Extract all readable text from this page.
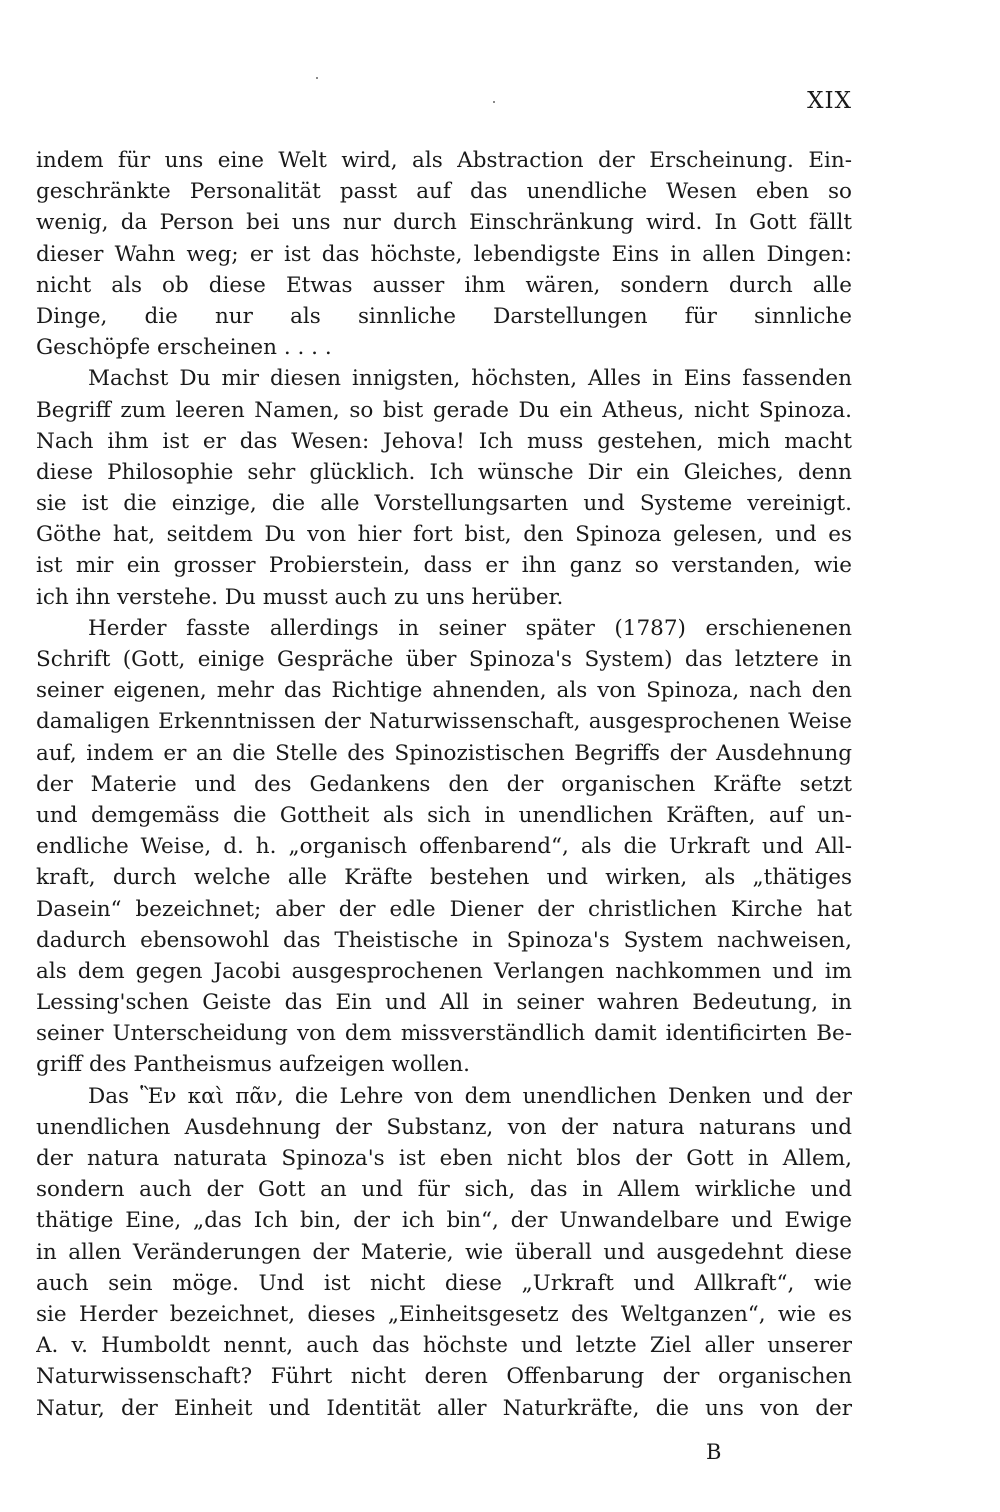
XIX
indem für uns eine Welt wird, als Abstraction der Erscheinung. Ein-
geschränkte Personalität passt auf das unendliche Wesen eben so
wenig, da Person bei uns nur durch Einschränkung wird. In Gott fällt
dieser Wahn weg; er ist das höchste, lebendigste Eins in allen Dingen:
nicht als ob diese Etwas ausser ihm wären, sondern durch alle
Dinge, die nur als sinnliche Darstellungen für sinnliche
Geschöpfe erscheinen . . . .
Machst Du mir diesen innigsten, höchsten, Alles in Eins fassenden
Begriff zum leeren Namen, so bist gerade Du ein Atheus, nicht Spinoza.
Nach ihm ist er das Wesen: Jehova! Ich muss gestehen, mich macht
diese Philosophie sehr glücklich. Ich wünsche Dir ein Gleiches, denn
sie ist die einzige, die alle Vorstellungsarten und Systeme vereinigt.
Göthe hat, seitdem Du von hier fort bist, den Spinoza gelesen, und es
ist mir ein grosser Probierstein, dass er ihn ganz so verstanden, wie
ich ihn verstehe. Du musst auch zu uns herüber.
Herder fasste allerdings in seiner später (1787) erschienenen
Schrift (Gott, einige Gespräche über Spinoza's System) das letztere in
seiner eigenen, mehr das Richtige ahnenden, als von Spinoza, nach den
damaligen Erkenntnissen der Naturwissenschaft, ausgesprochenen Weise
auf, indem er an die Stelle des Spinozistischen Begriffs der Ausdehnung
der Materie und des Gedankens den der organischen Kräfte setzt
und demgemäss die Gottheit als sich in unendlichen Kräften, auf un-
endliche Weise, d. h. „organisch offenbarend“, als die Urkraft und All-
kraft, durch welche alle Kräfte bestehen und wirken, als „thätiges
Dasein“ bezeichnet; aber der edle Diener der christlichen Kirche hat
dadurch ebensowohl das Theistische in Spinoza's System nachweisen,
als dem gegen Jacobi ausgesprochenen Verlangen nachkommen und im
Lessing'schen Geiste das Ein und All in seiner wahren Bedeutung, in
seiner Unterscheidung von dem missverständlich damit identificirten Be-
griff des Pantheismus aufzeigen wollen.
Das Ἓν καὶ πᾶν, die Lehre von dem unendlichen Denken und der
unendlichen Ausdehnung der Substanz, von der natura naturans und
der natura naturata Spinoza's ist eben nicht blos der Gott in Allem,
sondern auch der Gott an und für sich, das in Allem wirkliche und
thätige Eine, „das Ich bin, der ich bin“, der Unwandelbare und Ewige
in allen Veränderungen der Materie, wie überall und ausgedehnt diese
auch sein möge. Und ist nicht diese „Urkraft und Allkraft“, wie
sie Herder bezeichnet, dieses „Einheitsgesetz des Weltganzen“, wie es
A. v. Humboldt nennt, auch das höchste und letzte Ziel aller unserer
Naturwissenschaft? Führt nicht deren Offenbarung der organischen
Natur, der Einheit und Identität aller Naturkräfte, die uns von der
B
